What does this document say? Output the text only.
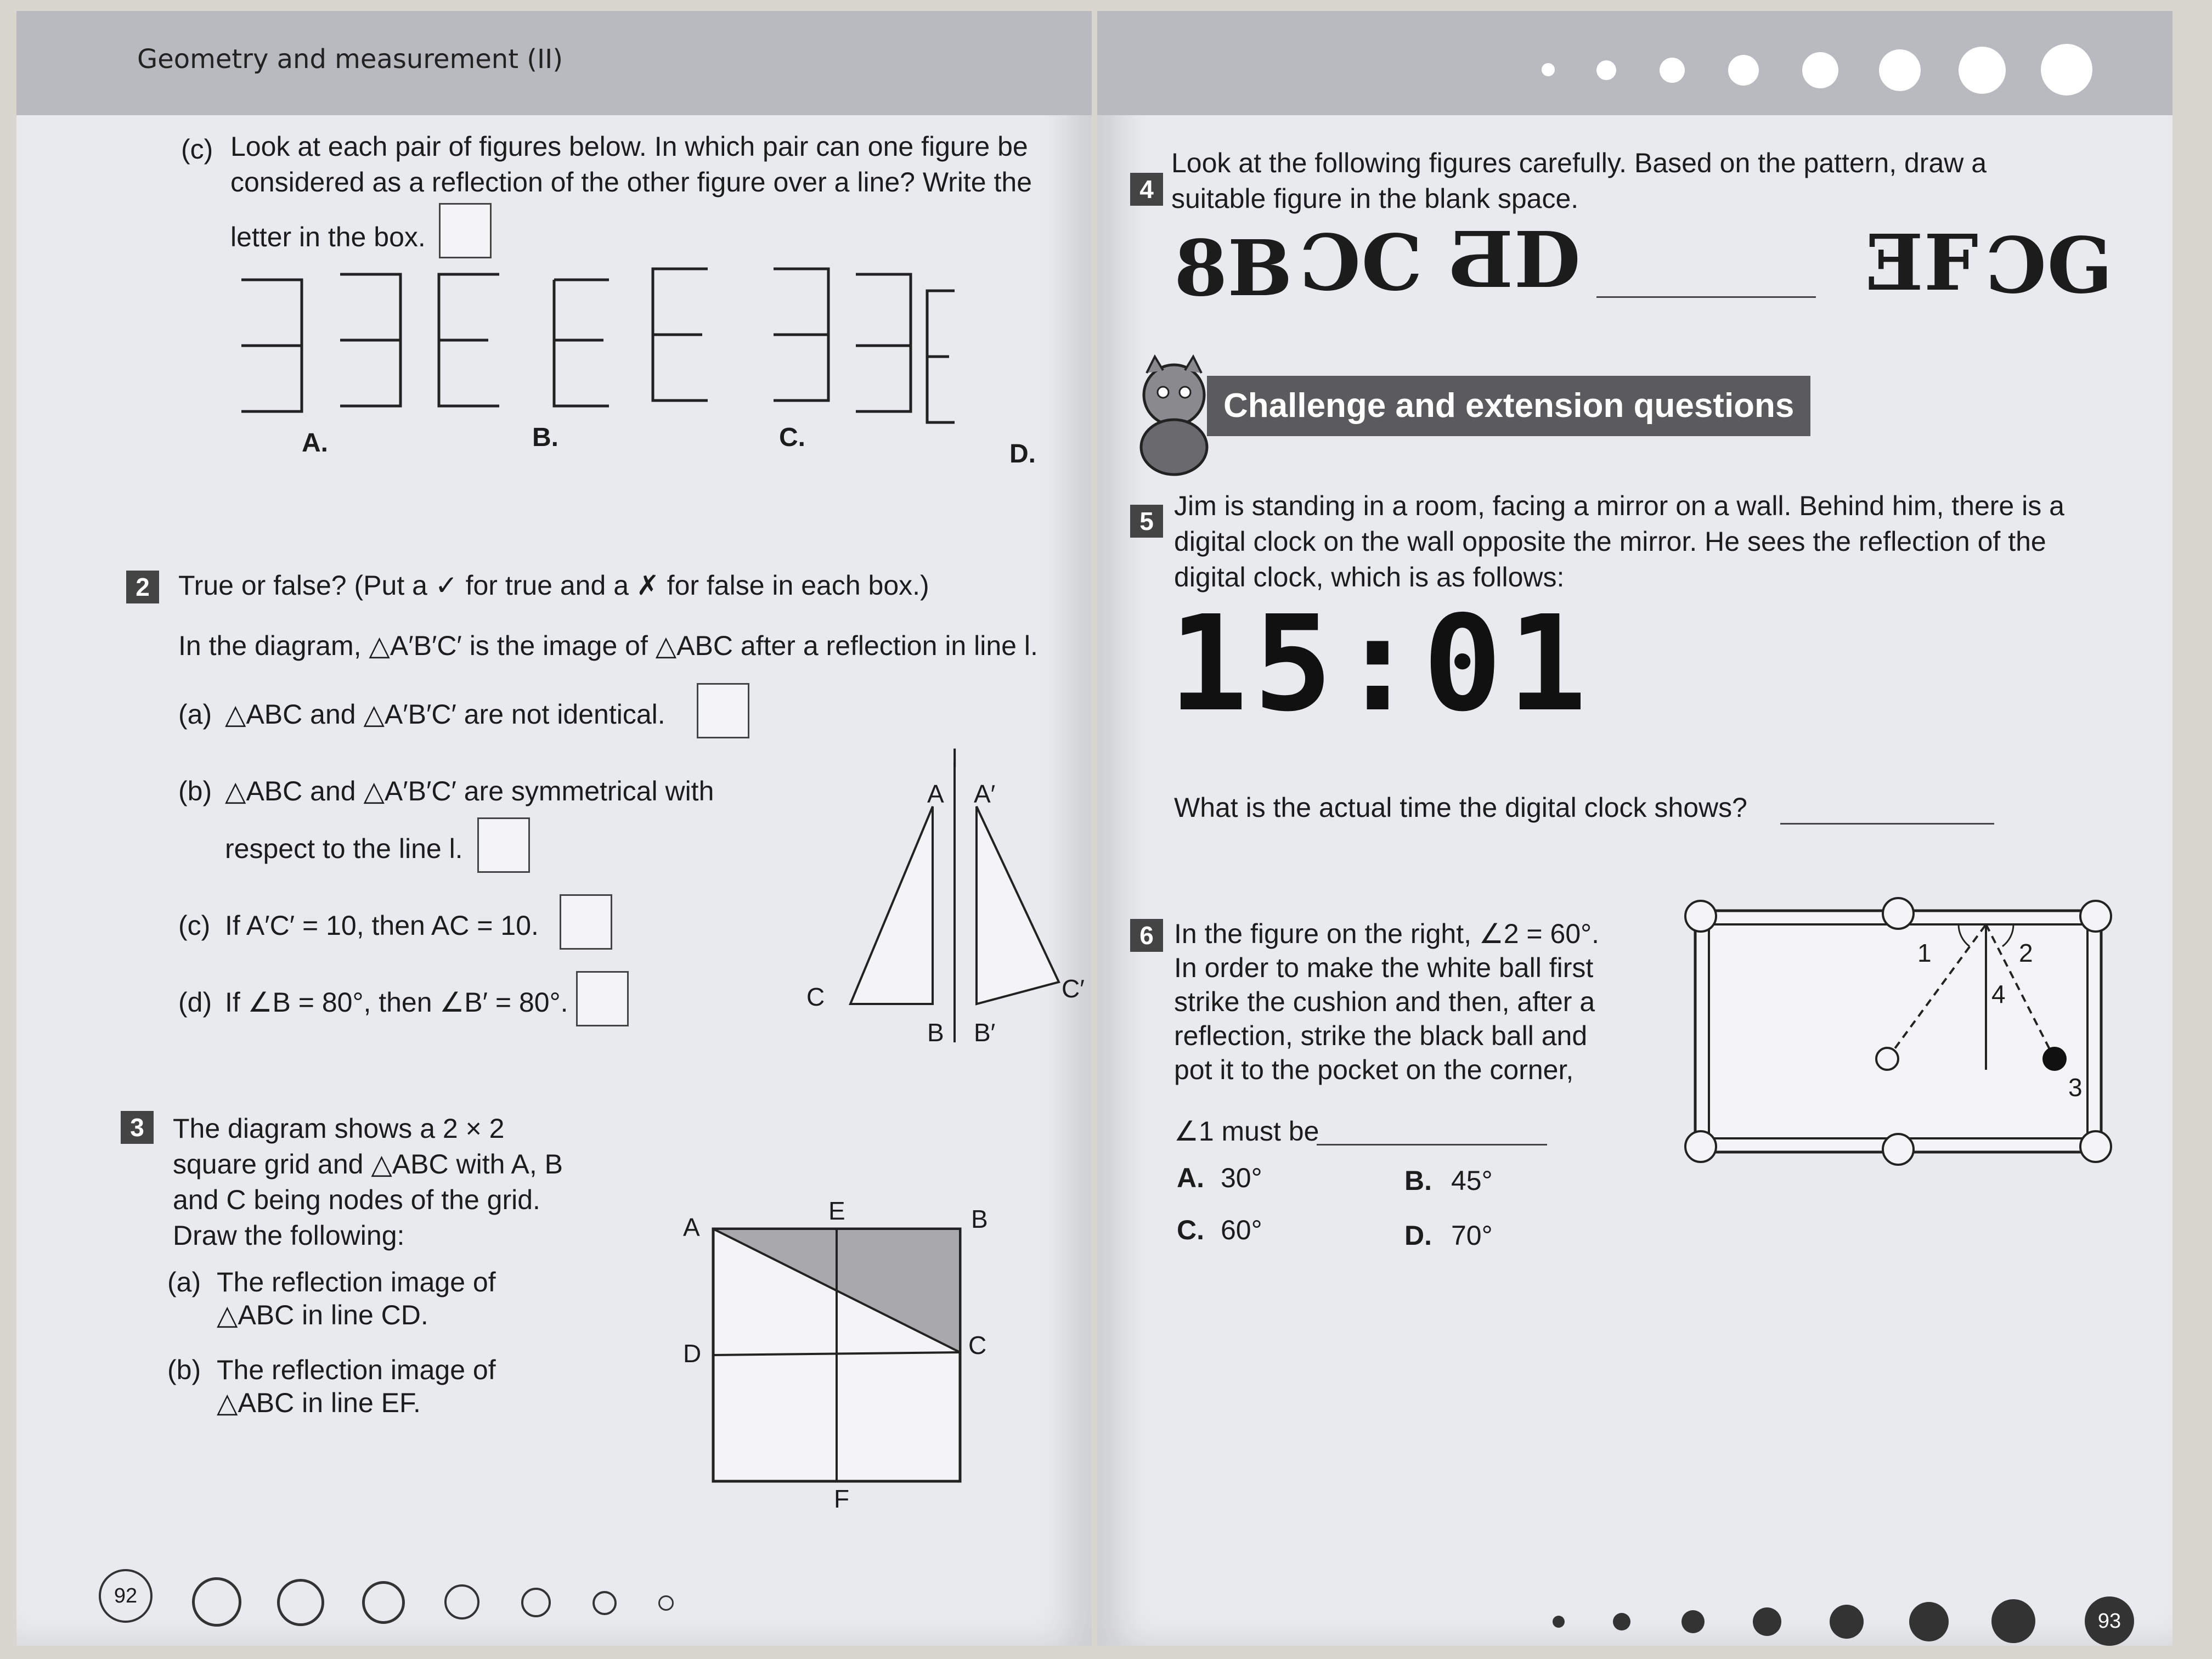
Geometry and measurement (II)
(c) Look at each pair of figures below. In which pair can one figure be
considered as a reflection of the other figure over a line? Write the
letter in the box.
A.	B.	C.
D.
2	True or false? (Put a ✓ for true and a ✗ for false in each box.)
In the diagram, △A′B′C′ is the image of △ABC after a reflection in line l.
(a) △ABC and △A′B′C′ are not identical.
(b) △ABC and △A′B′C′ are symmetrical with
respect to the line l.
(c) If A′C′ = 10, then AC = 10.
(d) If ∠B = 80°, then ∠B′ = 80°.
l
A A′
C	C′
B B′
3	The diagram shows a 2 × 2
square grid and △ABC with A, B
and C being nodes of the grid.
Draw the following:
(a) The reflection image of
△ABC in line CD.
(b) The reflection image of
△ABC in line EF.
A
E	B
D	C
F
92
4
Look at the following figures carefully. Based on the pattern, draw a
suitable figure in the blank space.
8B ƆC ƋD	ƎF ƆG
Challenge and extension questions
5 Jim is standing in a room, facing a mirror on a wall. Behind him, there is a
digital clock on the wall opposite the mirror. He sees the reflection of the
digital clock, which is as follows:
15:01
What is the actual time the digital clock shows?
6 In the figure on the right, ∠2 = 60°.
In order to make the white ball first
strike the cushion and then, after a
reflection, strike the black ball and
pot it to the pocket on the corner,
∠1 must be
A. 30°	B. 45°
C. 60°	D. 70°
1	2
3
4
93
